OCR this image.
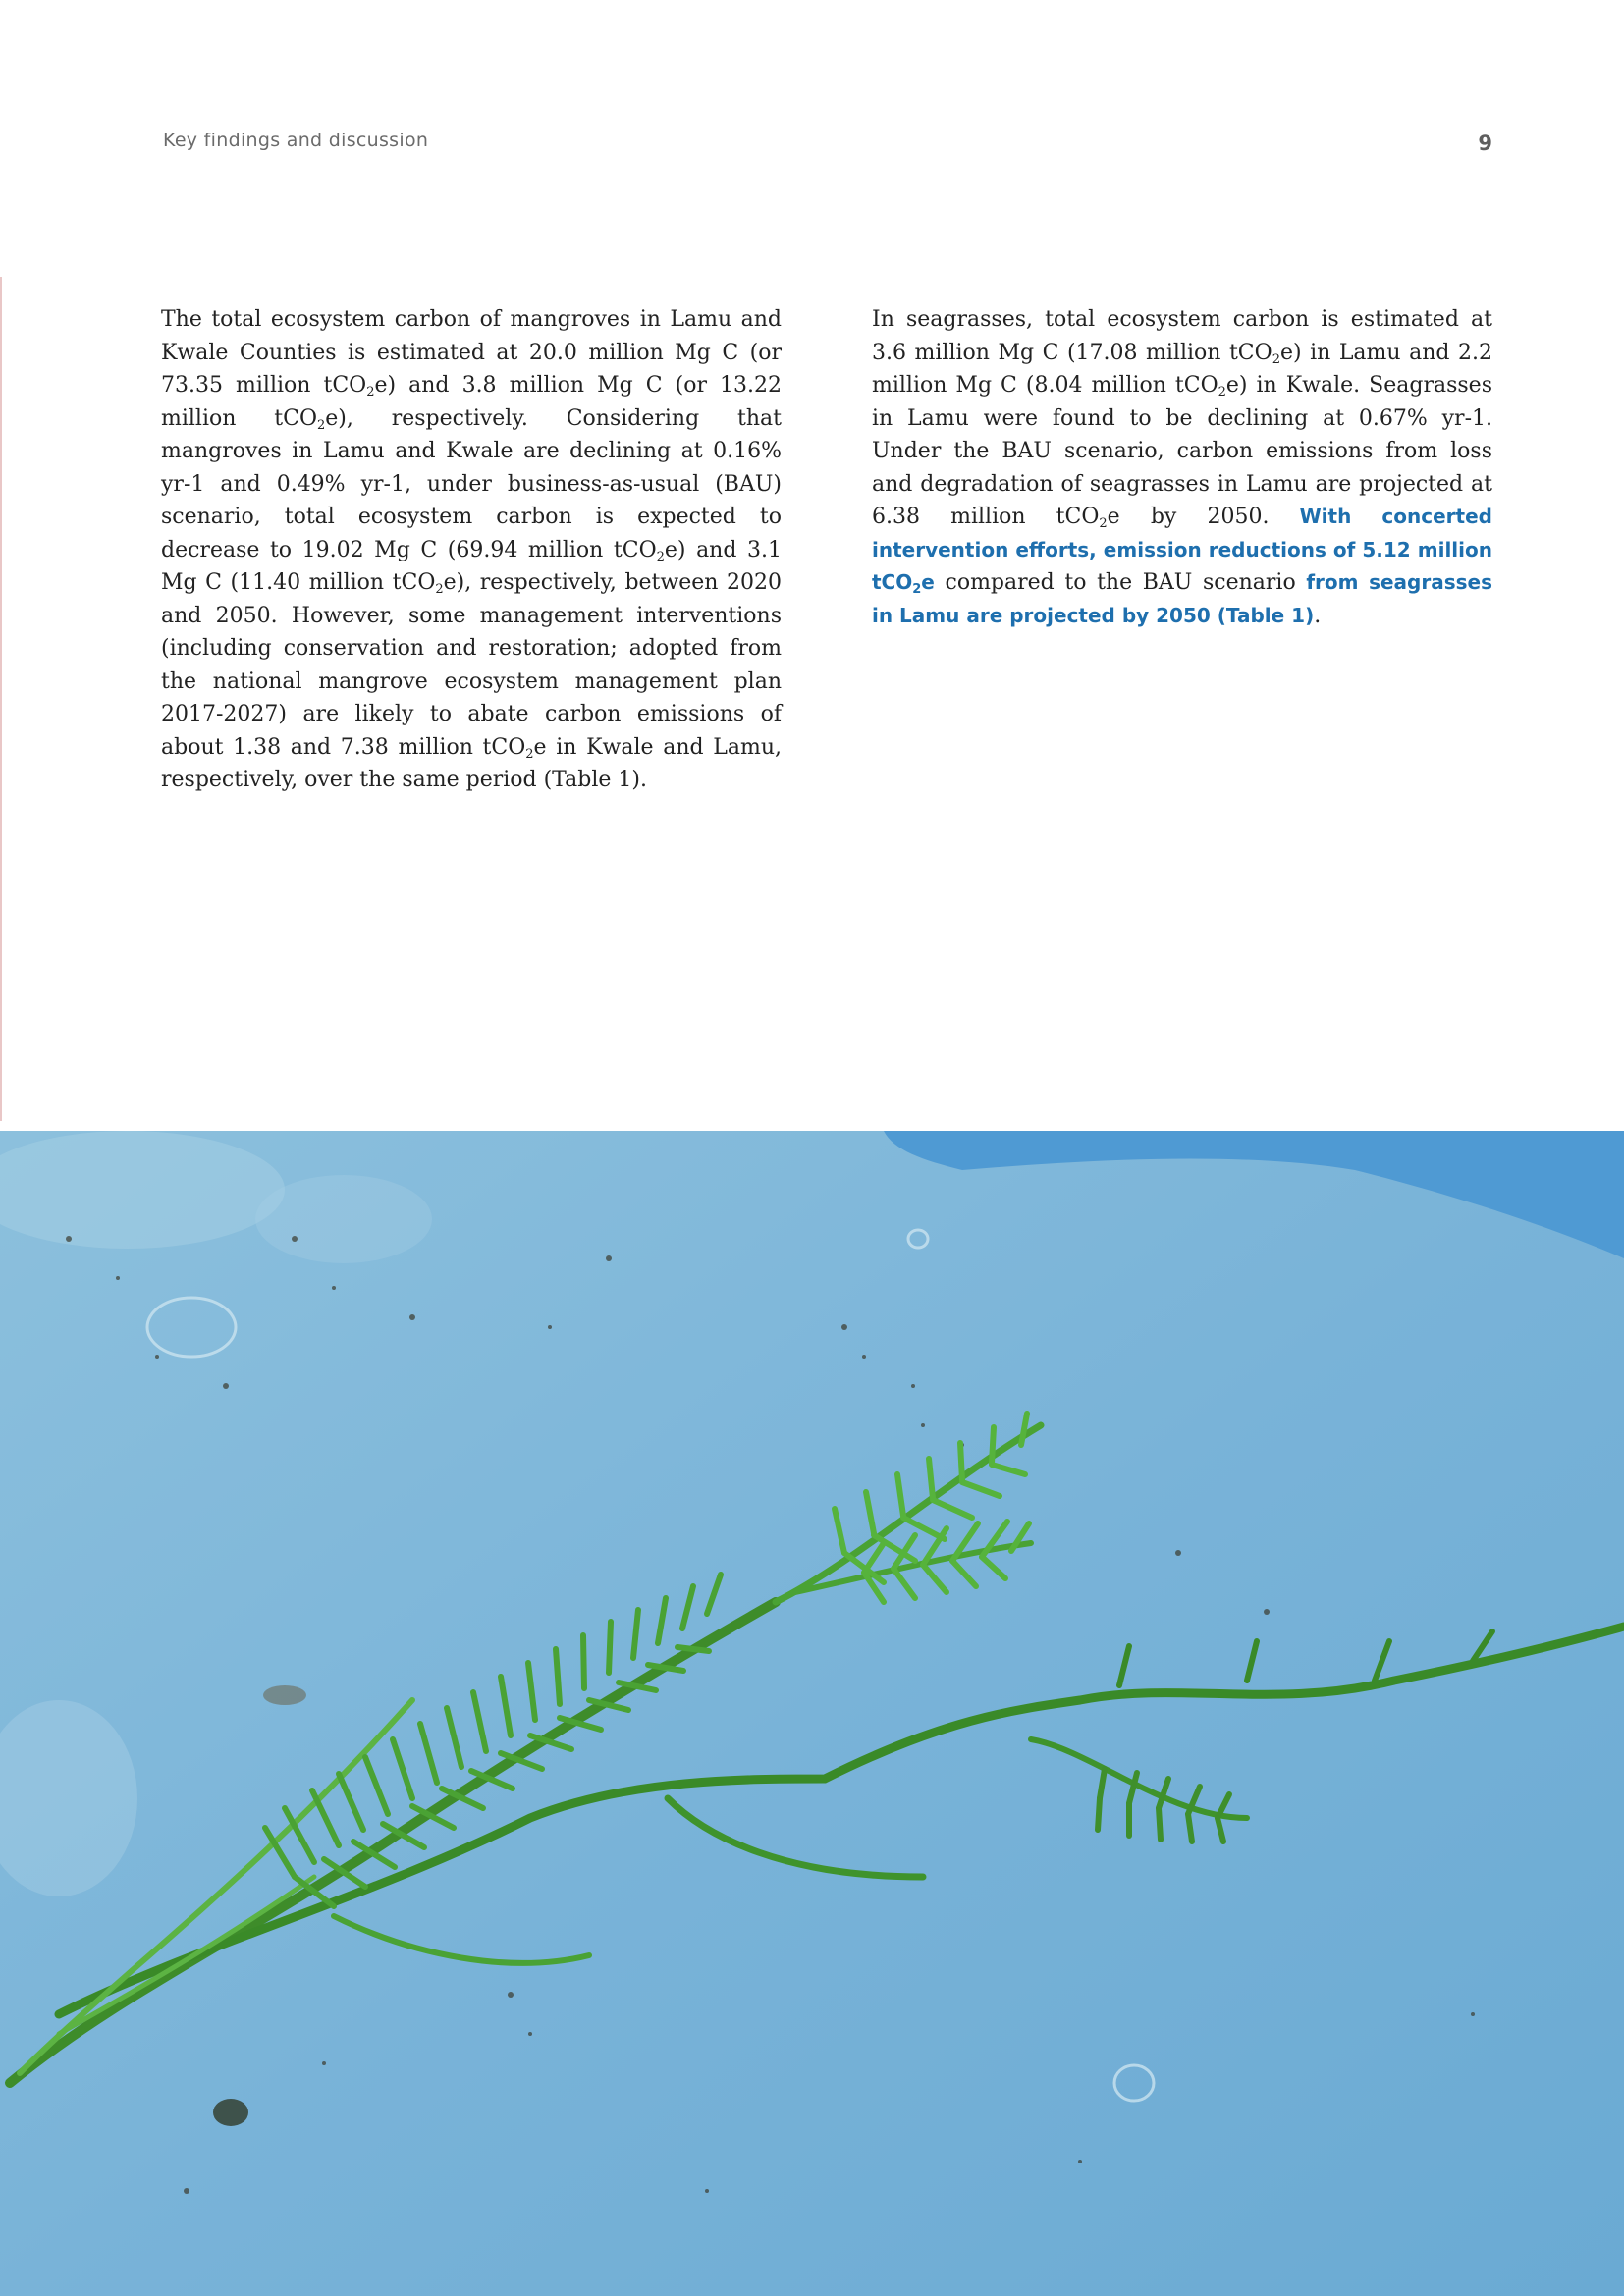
Key findings and discussion	9

The total ecosystem carbon of mangroves in Lamu and Kwale Counties is estimated at 20.0 million Mg C (or 73.35 million tCO$_2$e) and 3.8 million Mg C (or 13.22 million tCO$_2$e), respectively. Considering that mangroves in Lamu and Kwale are declining at 0.16% yr-1 and 0.49% yr-1, under business-as-usual (BAU) scenario, total ecosystem carbon is expected to decrease to 19.02 Mg C (69.94 million tCO$_2$e) and 3.1 Mg C (11.40 million tCO$_2$e), respectively, between 2020 and 2050. However, some management interventions (including conservation and restoration; adopted from the national mangrove ecosystem management plan 2017-2027) are likely to abate carbon emissions of about 1.38 and 7.38 million tCO$_2$e in Kwale and Lamu, respectively, over the same period (Table 1).

In seagrasses, total ecosystem carbon is estimated at 3.6 million Mg C (17.08 million tCO$_2$e) in Lamu and 2.2 million Mg C (8.04 million tCO$_2$e) in Kwale. Seagrasses in Lamu were found to be declining at 0.67% yr-1. Under the BAU scenario, carbon emissions from loss and degradation of seagrasses in Lamu are projected at 6.38 million tCO$_2$e by 2050. With concerted intervention efforts, emission reductions of 5.12 million tCO$_2$e compared to the BAU scenario from seagrasses in Lamu are projected by 2050 (Table 1).
